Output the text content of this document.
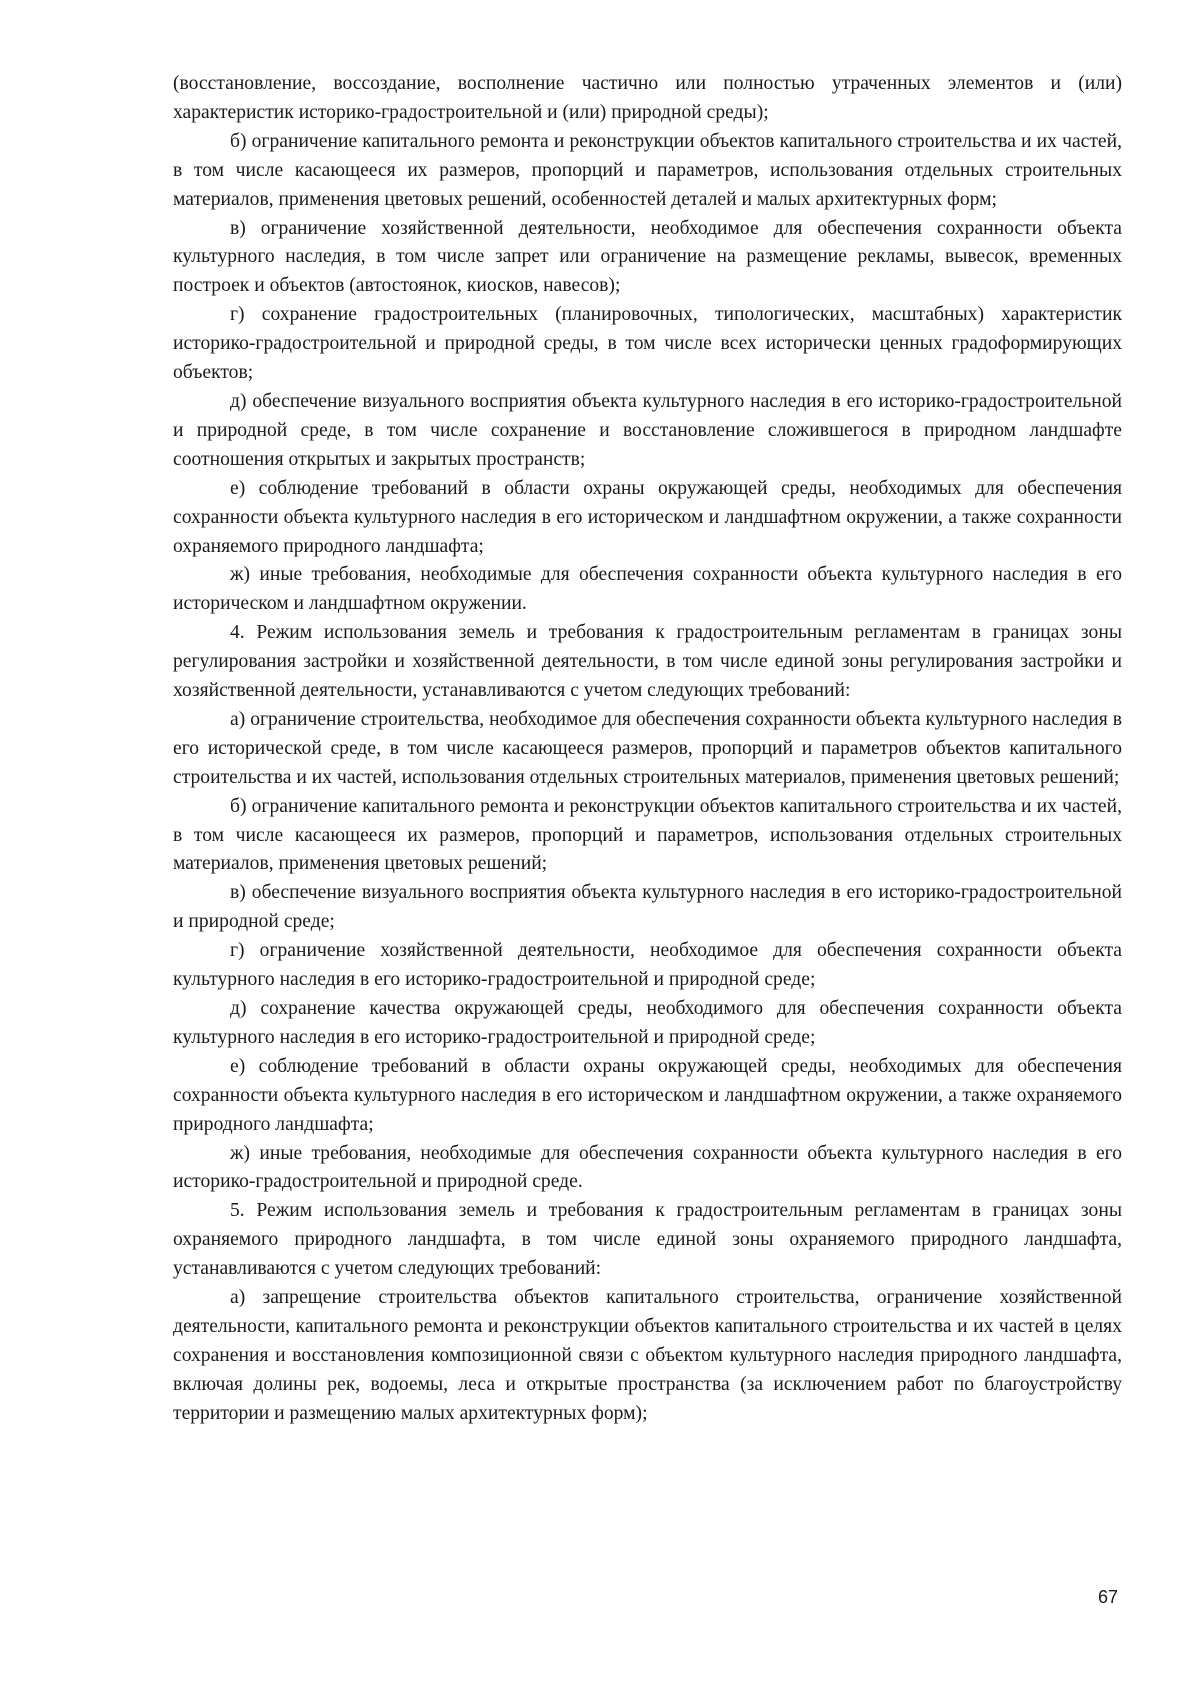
(восстановление, воссоздание, восполнение частично или полностью утраченных элементов и (или) характеристик историко-градостроительной и (или) природной среды);

б) ограничение капитального ремонта и реконструкции объектов капитального строительства и их частей, в том числе касающееся их размеров, пропорций и параметров, использования отдельных строительных материалов, применения цветовых решений, особенностей деталей и малых архитектурных форм;

в) ограничение хозяйственной деятельности, необходимое для обеспечения сохранности объекта культурного наследия, в том числе запрет или ограничение на размещение рекламы, вывесок, временных построек и объектов (автостоянок, киосков, навесов);

г) сохранение градостроительных (планировочных, типологических, масштабных) характеристик историко-градостроительной и природной среды, в том числе всех исторически ценных градоформирующих объектов;

д) обеспечение визуального восприятия объекта культурного наследия в его историко-градостроительной и природной среде, в том числе сохранение и восстановление сложившегося в природном ландшафте соотношения открытых и закрытых пространств;

е) соблюдение требований в области охраны окружающей среды, необходимых для обеспечения сохранности объекта культурного наследия в его историческом и ландшафтном окружении, а также сохранности охраняемого природного ландшафта;

ж) иные требования, необходимые для обеспечения сохранности объекта культурного наследия в его историческом и ландшафтном окружении.

4. Режим использования земель и требования к градостроительным регламентам в границах зоны регулирования застройки и хозяйственной деятельности, в том числе единой зоны регулирования застройки и хозяйственной деятельности, устанавливаются с учетом следующих требований:

а) ограничение строительства, необходимое для обеспечения сохранности объекта культурного наследия в его исторической среде, в том числе касающееся размеров, пропорций и параметров объектов капитального строительства и их частей, использования отдельных строительных материалов, применения цветовых решений;

б) ограничение капитального ремонта и реконструкции объектов капитального строительства и их частей, в том числе касающееся их размеров, пропорций и параметров, использования отдельных строительных материалов, применения цветовых решений;

в) обеспечение визуального восприятия объекта культурного наследия в его историко-градостроительной и природной среде;

г) ограничение хозяйственной деятельности, необходимое для обеспечения сохранности объекта культурного наследия в его историко-градостроительной и природной среде;

д) сохранение качества окружающей среды, необходимого для обеспечения сохранности объекта культурного наследия в его историко-градостроительной и природной среде;

е) соблюдение требований в области охраны окружающей среды, необходимых для обеспечения сохранности объекта культурного наследия в его историческом и ландшафтном окружении, а также охраняемого природного ландшафта;

ж) иные требования, необходимые для обеспечения сохранности объекта культурного наследия в его историко-градостроительной и природной среде.

5. Режим использования земель и требования к градостроительным регламентам в границах зоны охраняемого природного ландшафта, в том числе единой зоны охраняемого природного ландшафта, устанавливаются с учетом следующих требований:

а) запрещение строительства объектов капитального строительства, ограничение хозяйственной деятельности, капитального ремонта и реконструкции объектов капитального строительства и их частей в целях сохранения и восстановления композиционной связи с объектом культурного наследия природного ландшафта, включая долины рек, водоемы, леса и открытые пространства (за исключением работ по благоустройству территории и размещению малых архитектурных форм);

67
